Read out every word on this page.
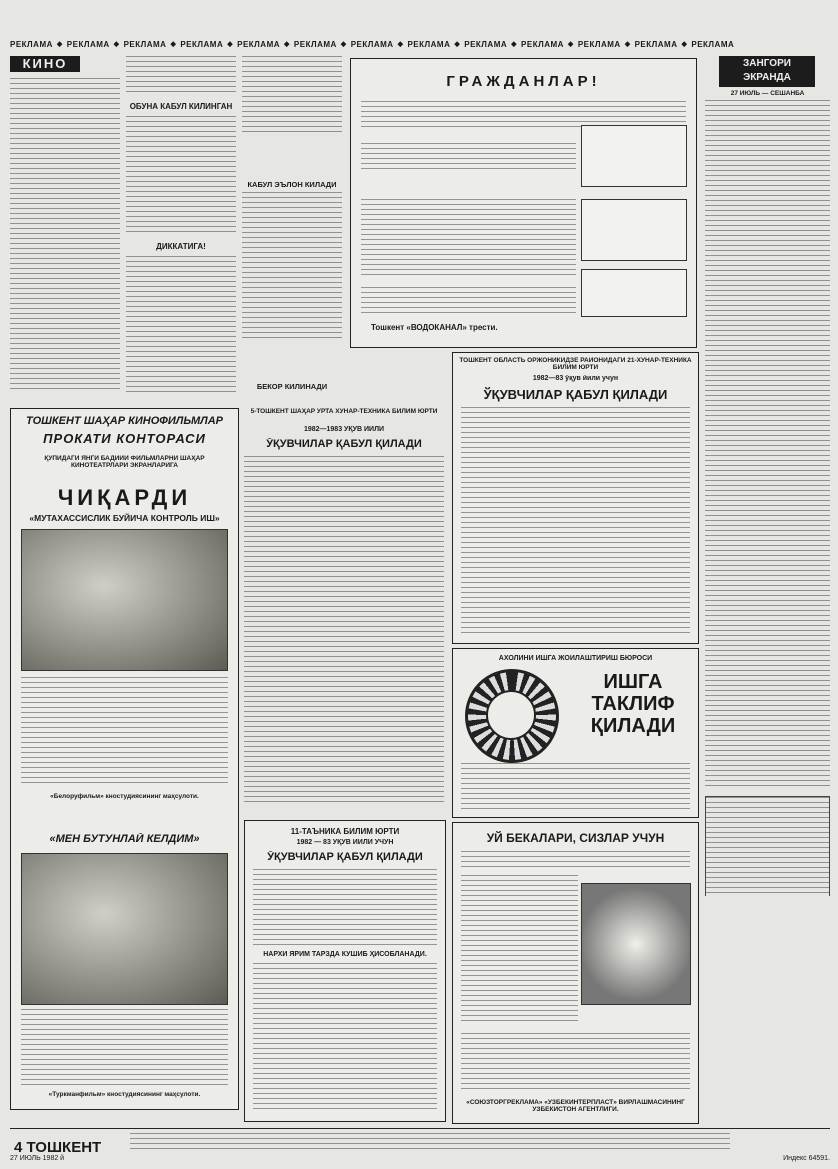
РЕКЛАМА ◆ РЕКЛАМА ◆ РЕКЛАМА ◆ РЕКЛАМА ◆ РЕКЛАМА ◆ РЕКЛАМА ◆ РЕКЛАМА ◆ РЕКЛАМА ◆ РЕКЛАМА ◆ РЕКЛАМА ◆ РЕКЛАМА ◆ РЕКЛАМА ◆ РЕКЛАМА
КИНО
ОБУНА КАБУЛ КИЛИНГАН
ДИККАТИГА!
КАБУЛ ЭЪЛОН КИЛАДИ
БЕКОР КИЛИНАДИ
ГРАЖДАНЛАР!
Тошкент «ВОДОКАНАЛ» трести.
ЗАНГОРИ ЭКРАНДА
27 ИЮЛЬ — СЕШАНБА
ТОШКЕНТ ШАҲАР КИНОФИЛЬМЛАР
ПРОКАТИ КОНТОРАСИ
ҚУПИДАГИ ЯНГИ БАДИИЙ ФИЛЬМЛАРНИ ШАҲАР КИНОТЕАТРЛАРИ ЭКРАНЛАРИГА
ЧИҚАРДИ
«МУТАХАССИСЛИК БУЙИЧА КОНТРОЛЬ ИШ»
«Белоруфильм» кностудиясининг маҳсулоти.
«МЕН БУТУНЛАЙ КЕЛДИМ»
«Туркманфильм» кностудиясининг маҳсулоти.
5-ТОШКЕНТ ШАҲАР ЎРТА ХУНАР-ТЕХНИКА БИЛИМ ЮРТИ
1982—1983 ЎҚУВ ЙИЛИ
ЎҚУВЧИЛАР ҚАБУЛ ҚИЛАДИ
11-ТАЪНИКА БИЛИМ ЮРТИ
1982 — 83 ЎҚУВ ЙИЛИ УЧУН
ЎҚУВЧИЛАР ҚАБУЛ ҚИЛАДИ
НАРХИ ЯРИМ ТАРЗДА КУШИБ ҲИСОБЛАНАДИ.
ТОШКЕНТ ОБЛАСТЬ ОРЖОНИКИДЗЕ РАЙОНИДАГИ 21-ХУНАР-ТЕХНИКА БИЛИМ ЮРТИ
1982—83 ўқув йили учун
ЎҚУВЧИЛАР ҚАБУЛ ҚИЛАДИ
АХОЛИНИ ИШГА ЖОЙЛАШТИРИШ БЮРОСИ
ИШГА
ТАКЛИФ
ҚИЛАДИ
УЙ БЕКАЛАРИ, СИЗЛАР УЧУН
«СОЮЗТОРГРЕКЛАМА» «УЗБЕКИНТЕРПЛАСТ» ВИРЛАШМАСИНИНГ УЗБЕКИСТОН АГЕНТЛИГИ.
4 ТОШКЕНТ
27 ИЮЛЬ 1982 й	Индекс 64591.
